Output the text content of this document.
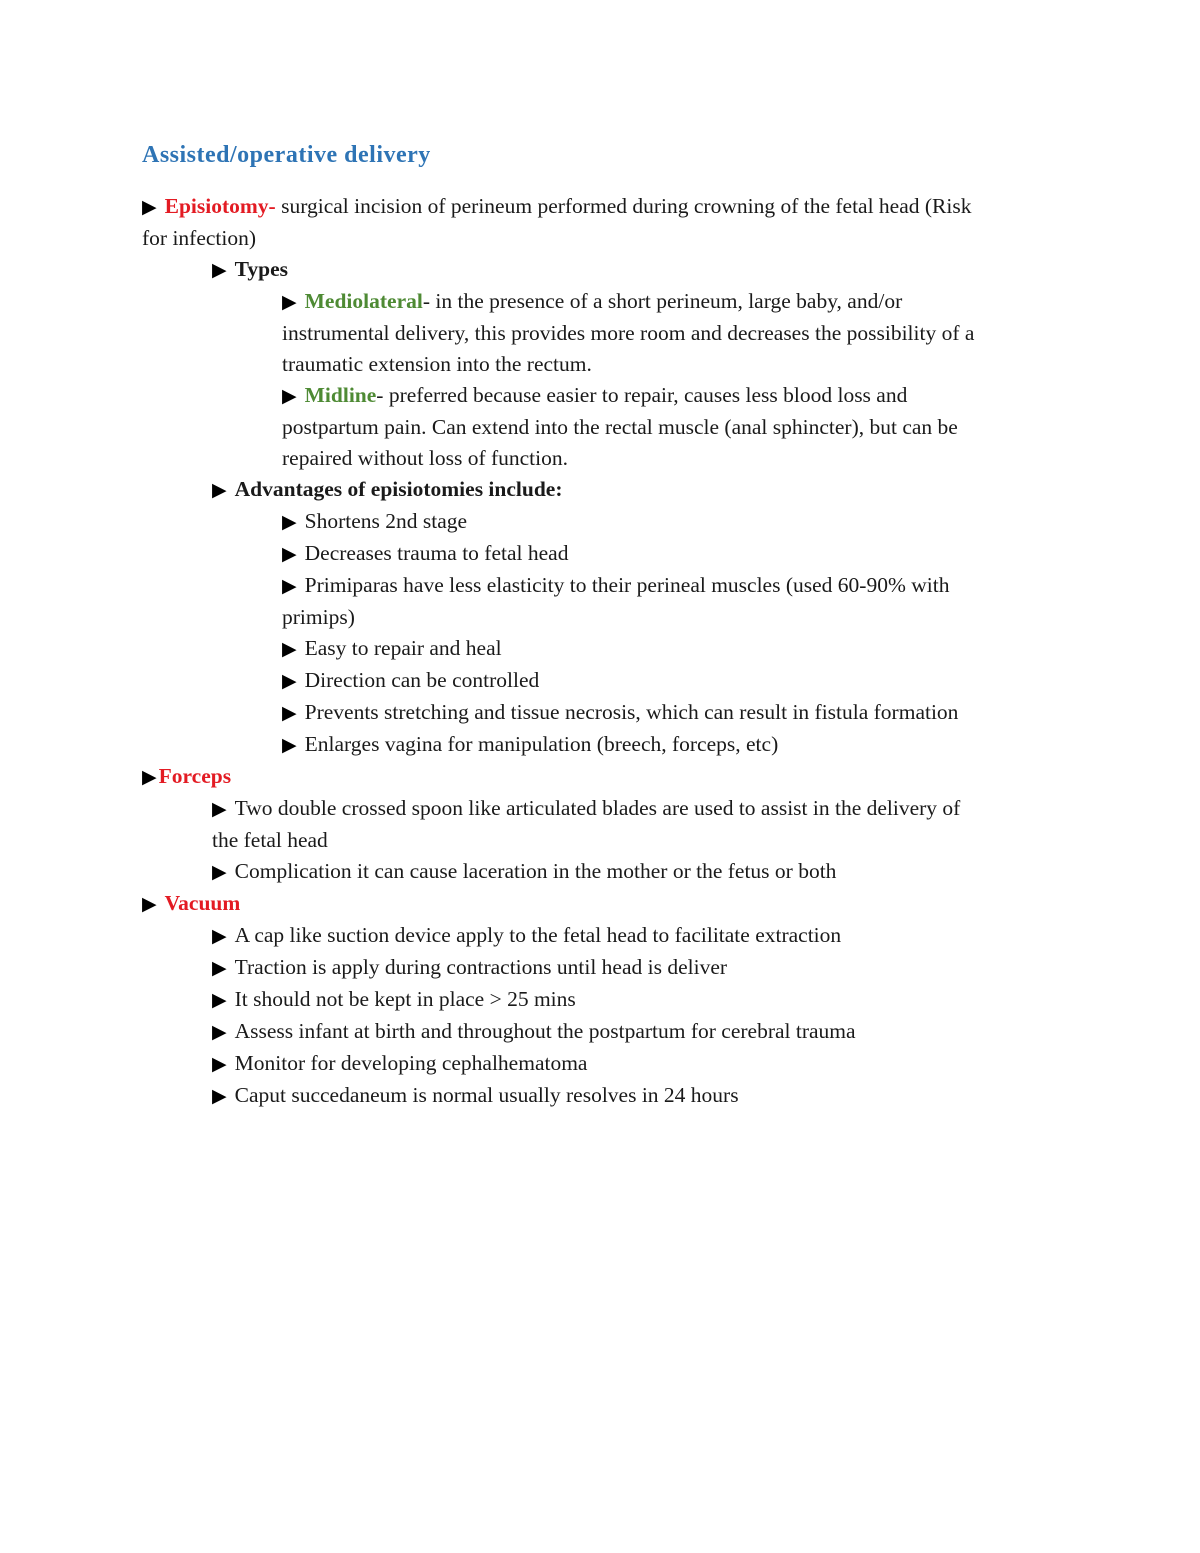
Assisted/operative delivery

▶ Episiotomy- surgical incision of perineum performed during crowning of the fetal head (Risk

for infection)

▶ Types

▶ Mediolateral- in the presence of a short perineum, large baby, and/or

instrumental delivery, this provides more room and decreases the possibility of a

traumatic extension into the rectum.

▶ Midline- preferred because easier to repair, causes less blood loss and

postpartum pain. Can extend into the rectal muscle (anal sphincter), but can be

repaired without loss of function.

▶ Advantages of episiotomies include:

▶ Shortens 2nd stage

▶ Decreases trauma to fetal head

▶ Primiparas have less elasticity to their perineal muscles (used 60-90% with

primips)

▶ Easy to repair and heal

▶ Direction can be controlled

▶ Prevents stretching and tissue necrosis, which can result in fistula formation

▶ Enlarges vagina for manipulation (breech, forceps, etc)

▶Forceps

▶ Two double crossed spoon like articulated blades are used to assist in the delivery of

the fetal head

▶ Complication it can cause laceration in the mother or the fetus or both

▶ Vacuum

▶ A cap like suction device apply to the fetal head to facilitate extraction

▶ Traction is apply during contractions until head is deliver

▶ It should not be kept in place > 25 mins

▶ Assess infant at birth and throughout the postpartum for cerebral trauma

▶ Monitor for developing cephalhematoma

▶ Caput succedaneum is normal usually resolves in 24 hours
